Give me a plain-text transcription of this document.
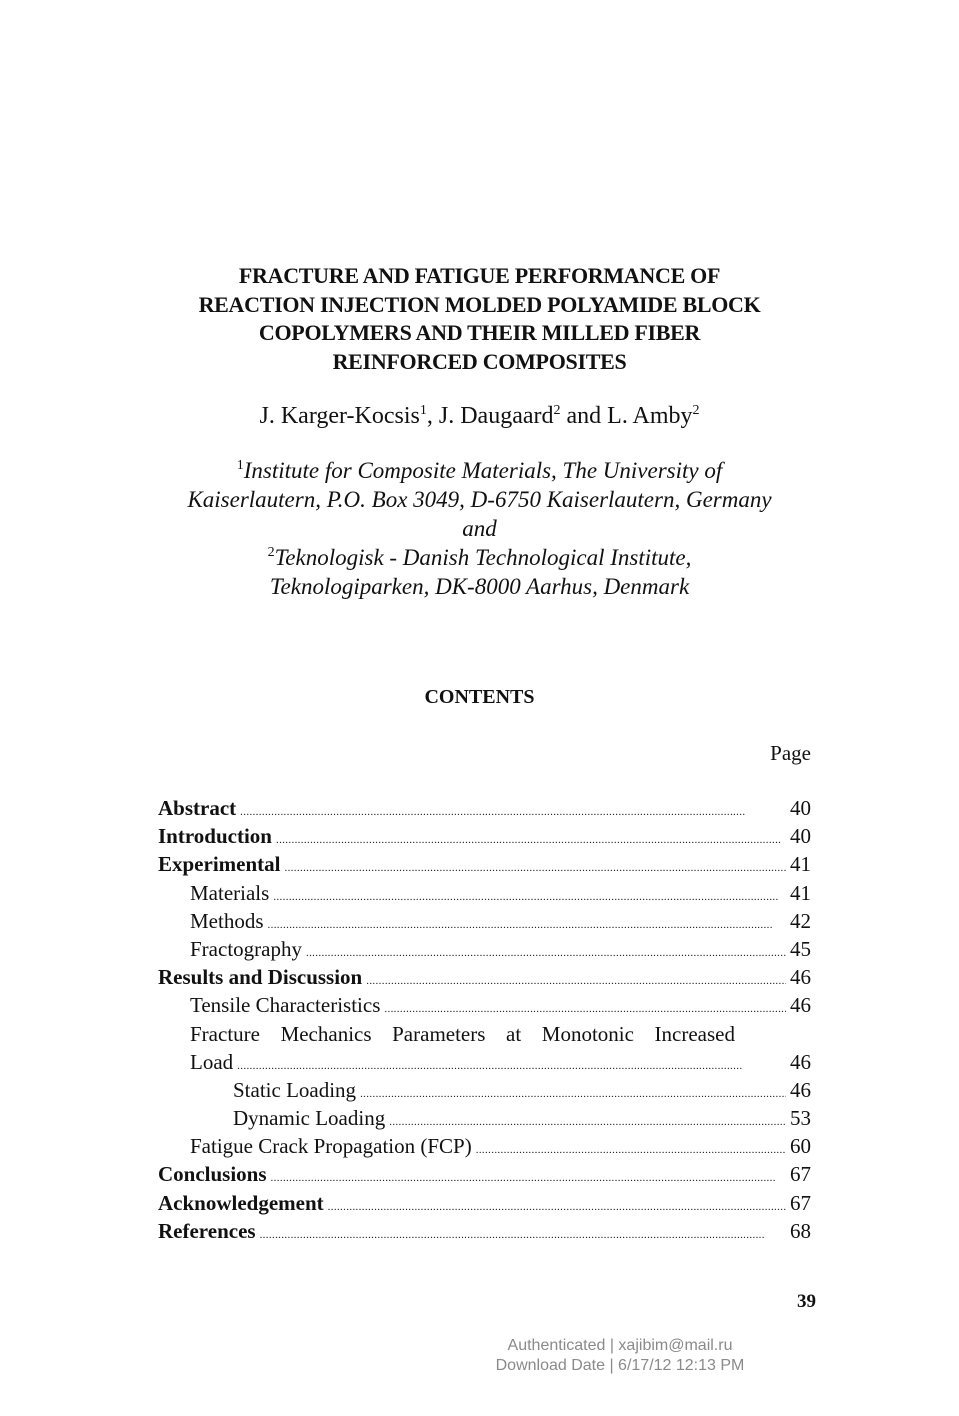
FRACTURE AND FATIGUE PERFORMANCE OF
REACTION INJECTION MOLDED POLYAMIDE BLOCK
COPOLYMERS AND THEIR MILLED FIBER
REINFORCED COMPOSITES
J. Karger-Kocsis$^1$, J. Daugaard$^2$ and L. Amby$^2$
$^1$Institute for Composite Materials, The University of
Kaiserlautern, P.O. Box 3049, D-6750 Kaiserlautern, Germany
and
$^2$Teknologisk - Danish Technological Institute,
Teknologiparken, DK-8000 Aarhus, Denmark
CONTENTS
Page
Abstract . . .	40
Introduction . . .	40
Experimental . . .	41
Materials . . .	41
Methods . . .	42
Fractography . . .	45
Results and Discussion . . .	46
Tensile Characteristics . . .	46
Fracture Mechanics Parameters at Monotonic Increased
Load . . .	46
Static Loading . . .	46
Dynamic Loading . . .	53
Fatigue Crack Propagation (FCP) . . .	60
Conclusions . . .	67
Acknowledgement . . .	67
References . . .	68
39
Authenticated | xajibim@mail.ru
Download Date | 6/17/12 12:13 PM
